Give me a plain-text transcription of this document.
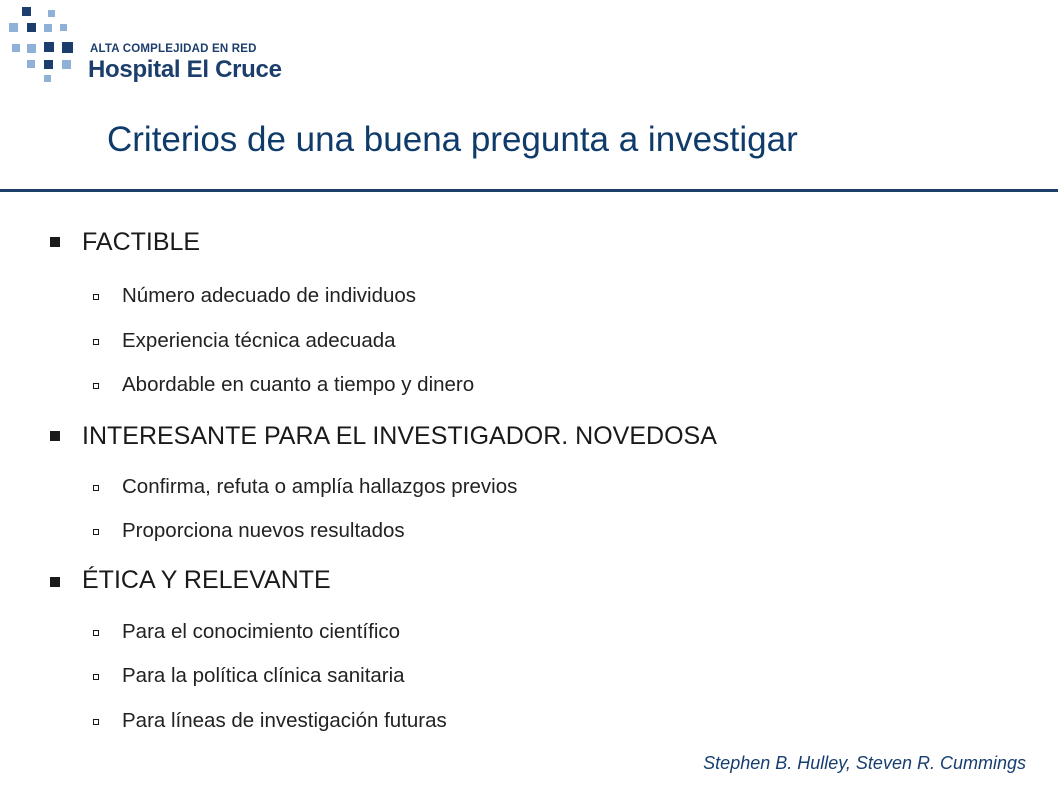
ALTA COMPLEJIDAD EN RED
Hospital El Cruce
Criterios de una buena pregunta a investigar
FACTIBLE
Número adecuado de individuos
Experiencia técnica adecuada
Abordable en cuanto a tiempo y dinero
INTERESANTE PARA EL INVESTIGADOR. NOVEDOSA
Confirma, refuta o amplía hallazgos previos
Proporciona nuevos resultados
ÉTICA Y RELEVANTE
Para el conocimiento científico
Para la política clínica sanitaria
Para líneas de investigación futuras
Stephen B. Hulley, Steven R. Cummings
